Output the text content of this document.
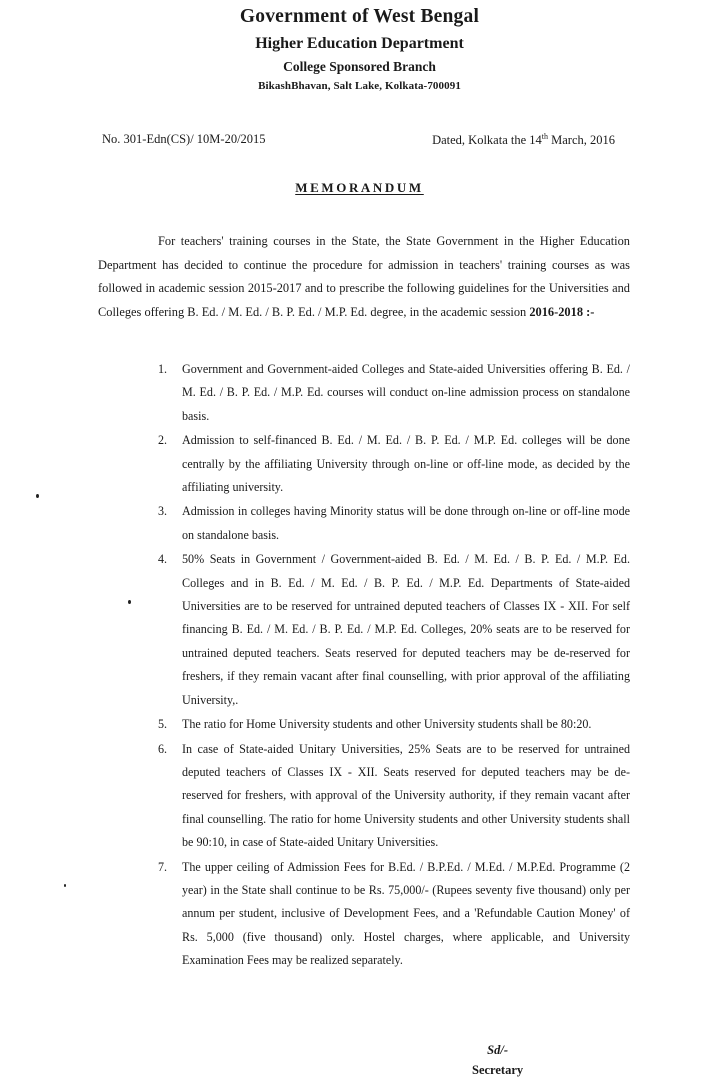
Government of West Bengal
Higher Education Department
College Sponsored Branch
BikashBhavan, Salt Lake, Kolkata-700091
No. 301-Edn(CS)/ 10M-20/2015	Dated, Kolkata the 14th March, 2016
MEMORANDUM
For teachers' training courses in the State, the State Government in the Higher Education Department has decided to continue the procedure for admission in teachers' training courses as was followed in academic session 2015-2017 and to prescribe the following guidelines for the Universities and Colleges offering B. Ed. / M. Ed. / B. P. Ed. / M.P. Ed. degree, in the academic session 2016-2018 :-
1. Government and Government-aided Colleges and State-aided Universities offering B. Ed. / M. Ed. / B. P. Ed. / M.P. Ed. courses will conduct on-line admission process on standalone basis.
2. Admission to self-financed B. Ed. / M. Ed. / B. P. Ed. / M.P. Ed. colleges will be done centrally by the affiliating University through on-line or off-line mode, as decided by the affiliating university.
3. Admission in colleges having Minority status will be done through on-line or off-line mode on standalone basis.
4. 50% Seats in Government / Government-aided B. Ed. / M. Ed. / B. P. Ed. / M.P. Ed. Colleges and in B. Ed. / M. Ed. / B. P. Ed. / M.P. Ed. Departments of State-aided Universities are to be reserved for untrained deputed teachers of Classes IX - XII. For self financing B. Ed. / M. Ed. / B. P. Ed. / M.P. Ed. Colleges, 20% seats are to be reserved for untrained deputed teachers. Seats reserved for deputed teachers may be de-reserved for freshers, if they remain vacant after final counselling, with prior approval of the affiliating University,.
5. The ratio for Home University students and other University students shall be 80:20.
6. In case of State-aided Unitary Universities, 25% Seats are to be reserved for untrained deputed teachers of Classes IX - XII. Seats reserved for deputed teachers may be de-reserved for freshers, with approval of the University authority, if they remain vacant after final counselling. The ratio for home University students and other University students shall be 90:10, in case of State-aided Unitary Universities.
7. The upper ceiling of Admission Fees for B.Ed. / B.P.Ed. / M.Ed. / M.P.Ed. Programme (2 year) in the State shall continue to be Rs. 75,000/- (Rupees seventy five thousand) only per annum per student, inclusive of Development Fees, and a 'Refundable Caution Money' of Rs. 5,000 (five thousand) only. Hostel charges, where applicable, and University Examination Fees may be realized separately.
Sd/-
Secretary
